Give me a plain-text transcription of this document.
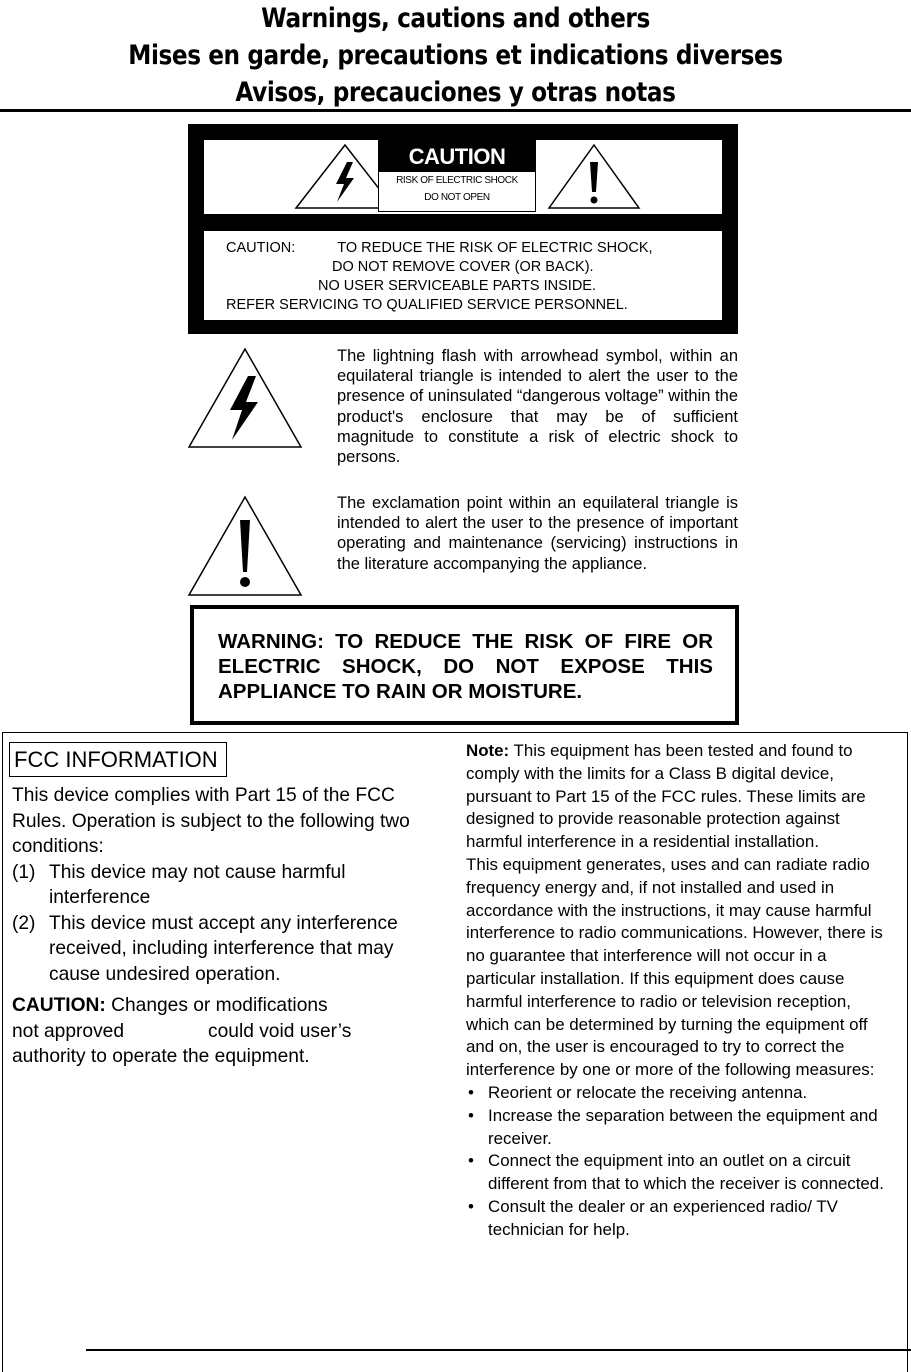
Warnings, cautions and others
Mises en garde, precautions et indications diverses
Avisos, precauciones y otras notas
CAUTION
RISK OF ELECTRIC SHOCK
DO NOT OPEN
CAUTION:	TO REDUCE THE RISK OF ELECTRIC SHOCK,
DO NOT REMOVE COVER (OR BACK).
NO USER SERVICEABLE PARTS INSIDE.
REFER SERVICING TO QUALIFIED SERVICE PERSONNEL.
The lightning flash with arrowhead symbol, within an equilateral triangle is intended to alert the user to the presence of uninsulated “dangerous voltage” within the product's enclosure that may be of sufficient magnitude to constitute a risk of electric shock to persons.
The exclamation point within an equilateral triangle is intended to alert the user to the presence of important operating and maintenance (servicing) instructions in the literature accompanying the appliance.
WARNING: TO REDUCE THE RISK OF FIRE OR ELECTRIC SHOCK, DO NOT EXPOSE THIS APPLIANCE TO RAIN OR MOISTURE.
FCC INFORMATION

This device complies with Part 15 of the FCC Rules. Operation is subject to the following two conditions:

(1) This device may not cause harmful interference
(2) This device must accept any interference received, including interference that may cause undesired operation.

CAUTION: Changes or modifications
not approved	could void user’s
authority to operate the equipment.

Note: This equipment has been tested and found to comply with the limits for a Class B digital device, pursuant to Part 15 of the FCC rules. These limits are designed to provide reasonable protection against harmful interference in a residential installation.

This equipment generates, uses and can radiate radio frequency energy and, if not installed and used in accordance with the instructions, it may cause harmful interference to radio communications. However, there is no guarantee that interference will not occur in a particular installation. If this equipment does cause harmful interference to radio or television reception, which can be determined by turning the equipment off and on, the user is encouraged to try to correct the interference by one or more of the following measures:

• Reorient or relocate the receiving antenna.
• Increase the separation between the equipment and receiver.
• Connect the equipment into an outlet on a circuit different from that to which the receiver is connected.
• Consult the dealer or an experienced radio/ TV technician for help.
